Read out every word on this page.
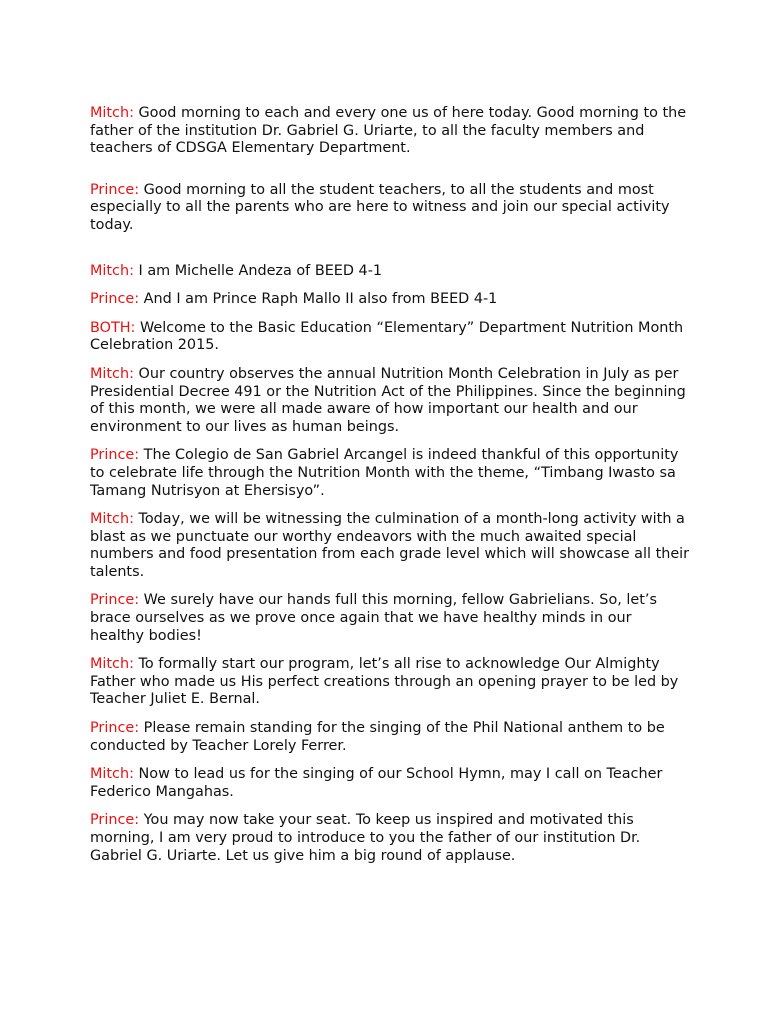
Mitch: Good morning to each and every one us of here today. Good morning to the father of the institution Dr. Gabriel G. Uriarte, to all the faculty members and teachers of CDSGA Elementary Department.

Prince: Good morning to all the student teachers, to all the students and most especially to all the parents who are here to witness and join our special activity today.

Mitch: I am Michelle Andeza of BEED 4-1

Prince: And I am Prince Raph Mallo II also from BEED 4-1

BOTH: Welcome to the Basic Education “Elementary” Department Nutrition Month Celebration 2015.

Mitch: Our country observes the annual Nutrition Month Celebration in July as per Presidential Decree 491 or the Nutrition Act of the Philippines. Since the beginning of this month, we were all made aware of how important our health and our environment to our lives as human beings.

Prince: The Colegio de San Gabriel Arcangel is indeed thankful of this opportunity to celebrate life through the Nutrition Month with the theme, “Timbang Iwasto sa Tamang Nutrisyon at Ehersisyo”.

Mitch: Today, we will be witnessing the culmination of a month-long activity with a blast as we punctuate our worthy endeavors with the much awaited special numbers and food presentation from each grade level which will showcase all their talents.

Prince: We surely have our hands full this morning, fellow Gabrielians. So, let’s brace ourselves as we prove once again that we have healthy minds in our healthy bodies!

Mitch: To formally start our program, let’s all rise to acknowledge Our Almighty Father who made us His perfect creations through an opening prayer to be led by Teacher Juliet E. Bernal.

Prince: Please remain standing for the singing of the Phil National anthem to be conducted by Teacher Lorely Ferrer.

Mitch: Now to lead us for the singing of our School Hymn, may I call on Teacher Federico Mangahas.

Prince: You may now take your seat. To keep us inspired and motivated this morning, I am very proud to introduce to you the father of our institution Dr. Gabriel G. Uriarte. Let us give him a big round of applause.
